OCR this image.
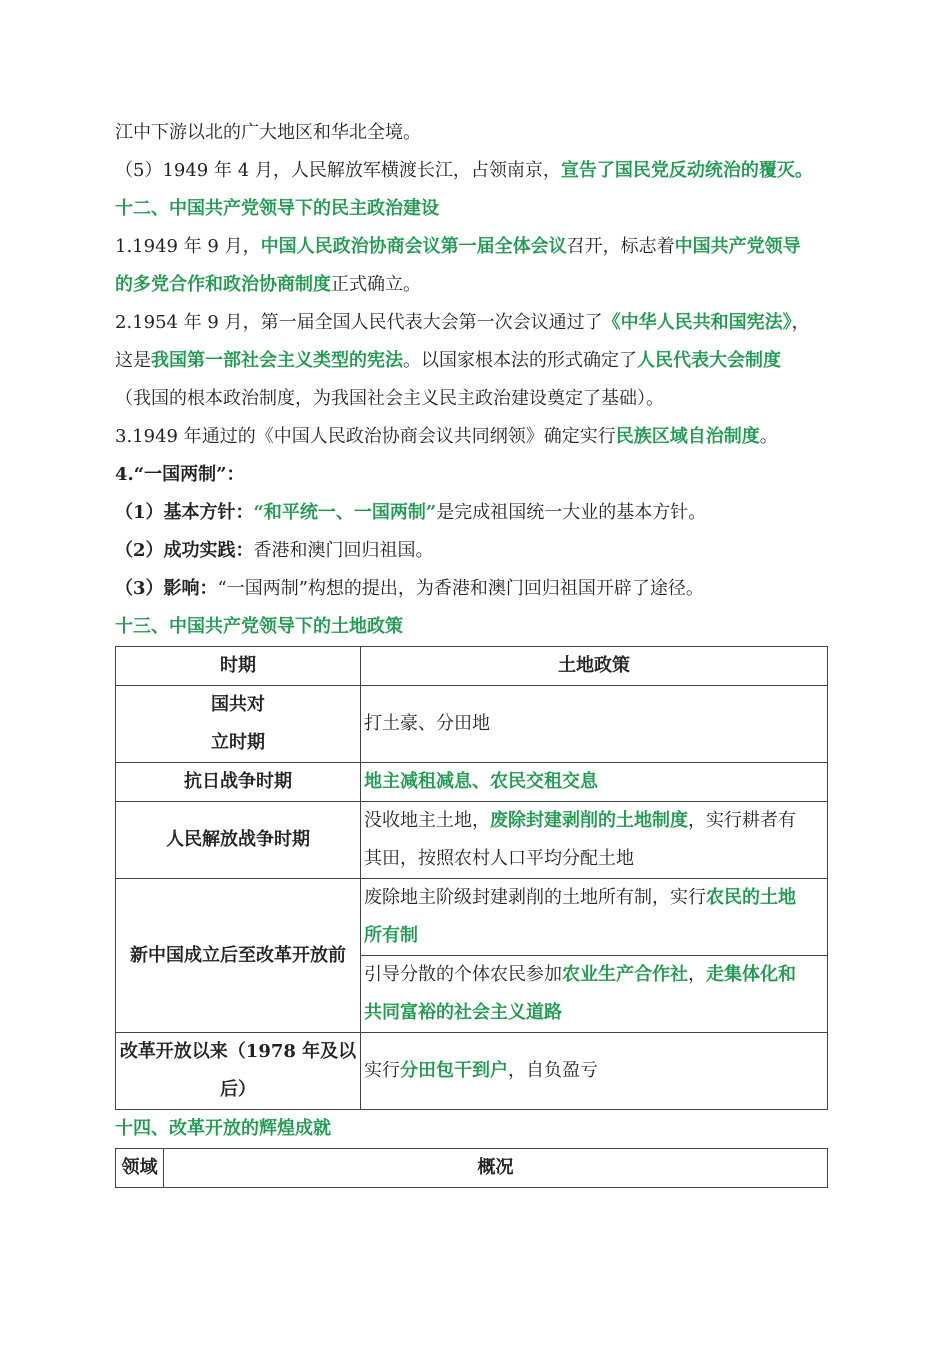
江中下游以北的广大地区和华北全境。
（5）1949 年 4 月，人民解放军横渡长江，占领南京，宣告了国民党反动统治的覆灭。
十二、中国共产党领导下的民主政治建设
1.1949 年 9 月，中国人民政治协商会议第一届全体会议召开，标志着中国共产党领导
的多党合作和政治协商制度正式确立。
2.1954 年 9 月，第一届全国人民代表大会第一次会议通过了《中华人民共和国宪法》，
这是我国第一部社会主义类型的宪法。以国家根本法的形式确定了人民代表大会制度
（我国的根本政治制度，为我国社会主义民主政治建设奠定了基础）。
3.1949 年通过的《中国人民政治协商会议共同纲领》确定实行民族区域自治制度。
4.“一国两制”：
（1）基本方针：“和平统一、一国两制”是完成祖国统一大业的基本方针。
（2）成功实践：香港和澳门回归祖国。
（3）影响：“一国两制”构想的提出，为香港和澳门回归祖国开辟了途径。
十三、中国共产党领导下的土地政策
时期	土地政策

国共对
立时期	打土豪、分田地
抗日战争时期	地主减租减息、农民交租交息
人民解放战争时期	没收地主土地，废除封建剥削的土地制度，实行耕者有
其田，按照农村人口平均分配土地

新中国成立后至改革开放前	废除地主阶级封建剥削的土地所有制，实行农民的土地
所有制

	引导分散的个体农民参加农业生产合作社，走集体化和
共同富裕的社会主义道路

改革开放以来（1978 年及以
后）	实行分田包干到户，自负盈亏
十四、改革开放的辉煌成就
领域	概况
